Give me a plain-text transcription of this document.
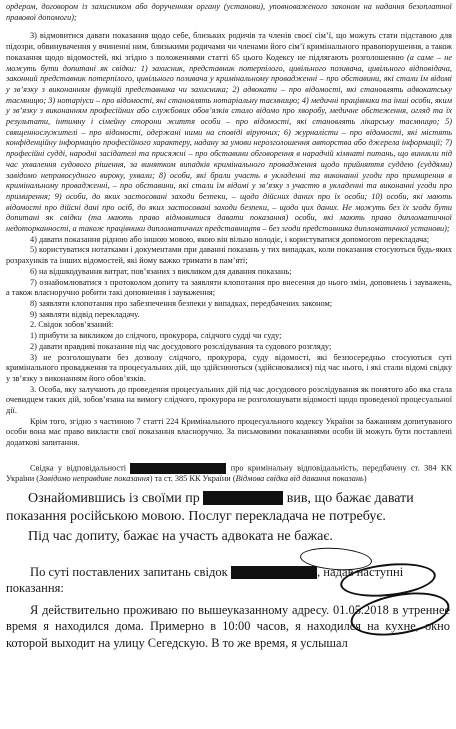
ордером, договором із захисником або дорученням органу (установи), уповноваженого законом на надання безоплатної правової допомоги);
3) відмовитися давати показання щодо себе, близьких родичів та членів своєї сім’ї, що можуть стати підставою для підозри, обвинувачення у вчиненні ним, близькими родичами чи членами його сім’ї кримінального правопорушення, а також показання щодо відомостей, які згідно з положеннями статті 65 цього Кодексу не підлягають розголошенню (а саме – не можуть бути допитані як свідки: 1) захисник, представник потерпілого, цивільного позивача, цивільного відповідача, законний представник потерпілого, цивільного позивача у кримінальному провадженні – про обставини, які стали їм відомі у зв’язку з виконанням функцій представника чи захисника; 2) адвокати – про відомості, які становлять адвокатську таємницю; 3) нотаріуси – про відомості, які становлять нотаріальну таємницю; 4) медичні працівники та інші особи, яким у зв’язку з виконанням професійних або службових обов’язків стало відомо про хворобу, медичне обстеження, огляд та їх результати, інтимну і сімейну сторони життя особи – про відомості, які становлять лікарську таємницю; 5) священнослужителі – про відомості, одержані ними на сповіді віруючих; 6) журналісти – про відомості, які містять конфіденційну інформацію професійного характеру, надану за умови нерозголошення авторства або джерела інформації; 7) професійні судді, народні засідателі та присяжні – про обставини обговорення в нарадчій кімнаті питань, що виникли під час ухвалення судового рішення, за винятком випадків кримінального провадження щодо прийняття суддею (суддями) завідомо неправосудного вироку, ухвали; 8) особи, які брали участь в укладенні та виконанні угоди про примирення в кримінальному провадженні, – про обставини, які стали їм відомі у зв’язку з участю в укладенні та виконанні угоди про примирення; 9) особи, до яких застосовані заходи безпеки, – щодо дійсних даних про їх особи; 10) особи, які мають відомості про дійсні дані про осіб, до яких застосовані заходи безпеки, – щодо цих даних. Не можуть без їх згоди бути допитані як свідки (та мають право відмовитися давати показання) особи, які мають право дипломатичної недоторканності, а також працівники дипломатичних представництв – без згоди представника дипломатичної установи);
4) давати показання рідною або іншою мовою, якою він вільно володіє, і користуватися допомогою перекладача;
5) користуватися нотатками і документами при даванні показань у тих випадках, коли показання стосуються будь-яких розрахунків та інших відомостей, які йому важко тримати в пам’яті;
6) на відшкодування витрат, пов’язаних з викликом для давання показань;
7) ознайомлюватися з протоколом допиту та заявляти клопотання про внесення до нього змін, доповнень і зауважень, а також власноручно робити такі доповнення і зауваження;
8) заявляти клопотання про забезпечення безпеки у випадках, передбачених законом;
9) заявляти відвід перекладачу.
2. Свідок зобов’язаний:
1) прибути за викликом до слідчого, прокурора, слідчого судді чи суду;
2) давати правдиві показання під час досудового розслідування та судового розгляду;
3) не розголошувати без дозволу слідчого, прокурора, суду відомості, які безпосередньо стосуються суті кримінального провадження та процесуальних дій, що здійснюються (здійснювалися) під час нього, і які стали відомі свідку у зв’язку з виконанням його обов’язків.
3. Особа, яку залучають до проведення процесуальних дій під час досудового розслідування як понятого або яка стала очевидцем таких дій, зобов’язана на вимогу слідчого, прокурора не розголошувати відомості щодо проведеної процесуальної дії.
Крім того, згідно з частиною 7 статті 224 Кримінального процесуального кодексу України за бажанням допитуваного особи вона має право викласти свої показання власноручно. За письмовими показаннями особи їй можуть бути поставлені додаткові запитання.
Свідка у відповідальності	про кримінальну відповідальність, передбачену ст. 384 КК України (Завідомо неправдиве показання) та ст. 385 КК України (Відмова свідка від давання показань)
Ознайомившись із своїми пр	вив, що бажає давати показання російською мовою. Послуг перекладача не потребує.
Під час допиту, бажає на участь адвоката не бажає.
По суті поставлених запитань свідок	, надав наступні показання:
Я действительно проживаю по вышеуказанному адресу. 01.05.2018 в утреннее время я находился дома. Примерно в 10:00 часов, я находился на кухне, окно которой выходит на улицу Сегедскую. В то же время, я услышал
